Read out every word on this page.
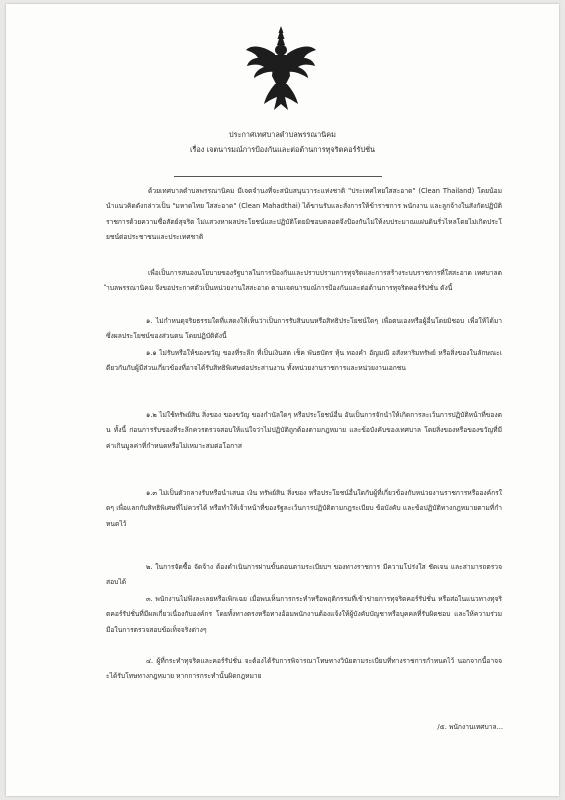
ประกาศเทศบาลตำบลพรรณานิคม
เรื่อง เจตนารมณ์การป้องกันและต่อต้านการทุจริตคอร์รัปชั่น

ด้วยเทศบาลตำบลพรรณานิคม มีเจตจำนงที่จะสนับสนุนวาระแห่งชาติ "ประเทศไทยใสสะอาด" (Clean Thailand) โดยน้อมนำแนวคิดดังกล่าวเป็น "มหาดไทย ใสสะอาด" (Clean Mahadthai) ได้ขานรับและสั่งการให้ข้าราชการ พนักงาน และลูกจ้างในสังกัดปฏิบัติราชการด้วยความซื่อสัตย์สุจริต ไม่แสวงหาผลประโยชน์และปฏิบัติโดยมิชอบตลอดจึงป้องกันไม่ให้งบประมาณแผ่นดินรั่วไหลโดยไม่เกิดประโยชน์ต่อประชาชนและประเทศชาติ

เพื่อเป็นการสนองนโยบายของรัฐบาลในการป้องกันและปราบปรามการทุจริตและการสร้างระบบราชการที่ใสสะอาด เทศบาลตำบลพรรณานิคม จึงขอประกาศตัวเป็นหน่วยงานใสสะอาด ตามเจตนารมณ์การป้องกันและต่อต้านการทุจริตคอร์รัปชั่น ดังนี้

๑. ไม่กำหนดุจริยธรรมใดที่แสดงให้เห็นว่าเป็นการรับสินบนหรือสิทธิประโยชน์ใดๆ เพื่อตนเองหรือผู้อื่นโดยมิชอบ เพื่อให้ได้มาซึ่งผลประโยชน์ของส่วนตน โดยปฏิบัติดังนี้

๑.๑ ไม่รับหรือให้ของขวัญ ของที่ระลึก ที่เป็นเงินสด เช็ค พันธบัตร หุ้น ทองคำ อัญมณี อสังหาริมทรัพย์ หรือสิ่งของในลักษณะเดียวกันกับผู้มีส่วนเกี่ยวข้องที่อาจได้รับสิทธิพิเศษต่อประสานงาน ทั้งหน่วยงานราชการและหน่วยงานเอกชน

๑.๒ ไม่ใช้ทรัพย์สิน สิ่งของ ของขวัญ ของกำนัลใดๆ หรือประโยชน์อื่น อันเป็นการจักนำให้เกิดการละเว้นการปฏิบัติหน้าที่ของตน ทั้งนี้ ก่อนการรับของที่ระลึกควรตรวจสอบให้แน่ใจว่าไม่ปฏิบัติถูกต้องตามกฎหมาย และข้อบังคับของเทศบาล โดยสิ่งของหรือของขวัญที่มีค่าเกินมูลค่าที่กำหนดหรือไม่เหมาะสมต่อโอกาส

๑.๓ ไม่เป็นตัวกลางรับหรือนำเสนอ เงิน ทรัพย์สิน สิ่งของ หรือประโยชน์อื่นใดกับผู้ที่เกี่ยวข้องกับหน่วยงานราชการหรือองค์กรใดๆ เพื่อแลกกับสิทธิพิเศษที่ไม่ควรได้ หรือทำให้เจ้าหน้าที่ของรัฐละเว้นการปฏิบัติตามกฎระเบียบ ข้อบังคับ และข้อปฏิบัติทางกฎหมายตามที่กำหนดไว้

๒. ในการจัดซื้อ จัดจ้าง ต้องดำเนินการผ่านขั้นตอนตามระเบียบฯ ของทางราชการ มีความโปร่งใส ชัดเจน และสามารถตรวจสอบได้

๓. พนักงานไม่พึงละเลยหรือเพิกเฉย เมื่อพบเห็นการกระทำหรือพฤติกรรมที่เข้าข่ายการทุจริตคอร์รัปชั่น หรือส่อในแนวทางทุจริตคอร์รัปชั่นที่มีผลเกี่ยวเนื่องกับองค์กร โดยทั้งทางตรงหรือทางอ้อมพนักงานต้องแจ้งให้ผู้บังคับบัญชาหรือบุคคลที่รับผิดชอบ และให้ความร่วมมือในการตรวจสอบข้อเท็จจริงต่างๆ

๔. ผู้ที่กระทำทุจริตและคอร์รัปชั่น จะต้องได้รับการพิจารณาโทษทางวินัยตามระเบียบที่ทางราชการกำหนดไว้ นอกจากนี้อาจจะได้รับโทษทางกฎหมาย หากการกระทำนั้นผิดกฎหมาย

/๕. พนักงานเทศบาล...
